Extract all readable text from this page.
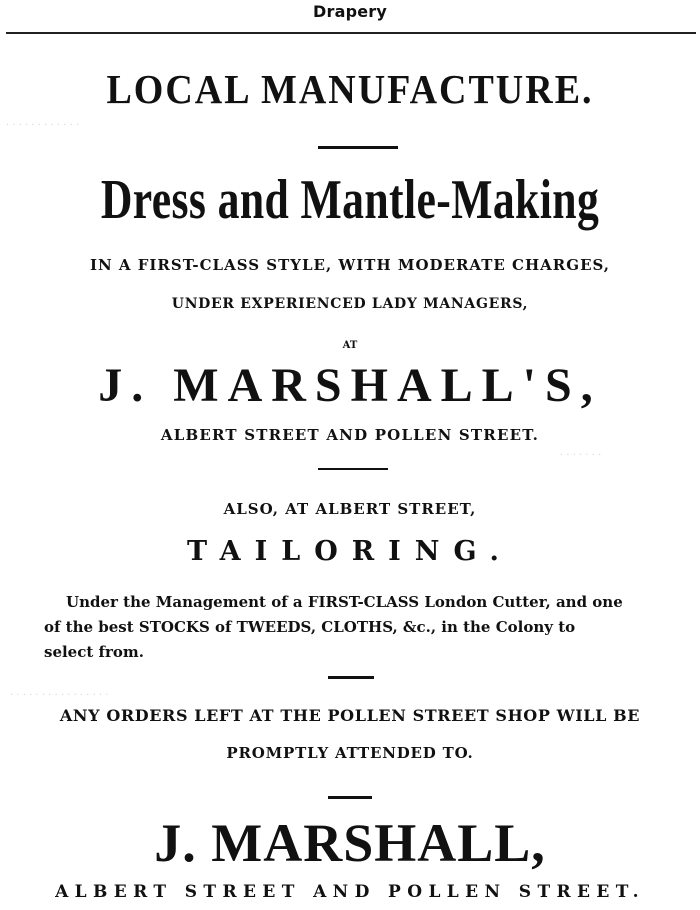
Drapery
· · · · · · · · · · · ·
· · · · · · ·
· · · · · · · · · · · · · · · ·
LOCAL MANUFACTURE.
Dress and Mantle-Making
IN A FIRST-CLASS STYLE, WITH MODERATE CHARGES,
UNDER EXPERIENCED LADY MANAGERS,
AT
J. MARSHALL'S,
ALBERT STREET AND POLLEN STREET.
ALSO, AT ALBERT STREET,
TAILORING.
Under the Management of a FIRST-CLASS London Cutter, and one
of the best STOCKS of TWEEDS, CLOTHS, &c., in the Colony to
select from.
ANY ORDERS LEFT AT THE POLLEN STREET SHOP WILL BE
PROMPTLY ATTENDED TO.
J. MARSHALL,
ALBERT STREET AND POLLEN STREET.
